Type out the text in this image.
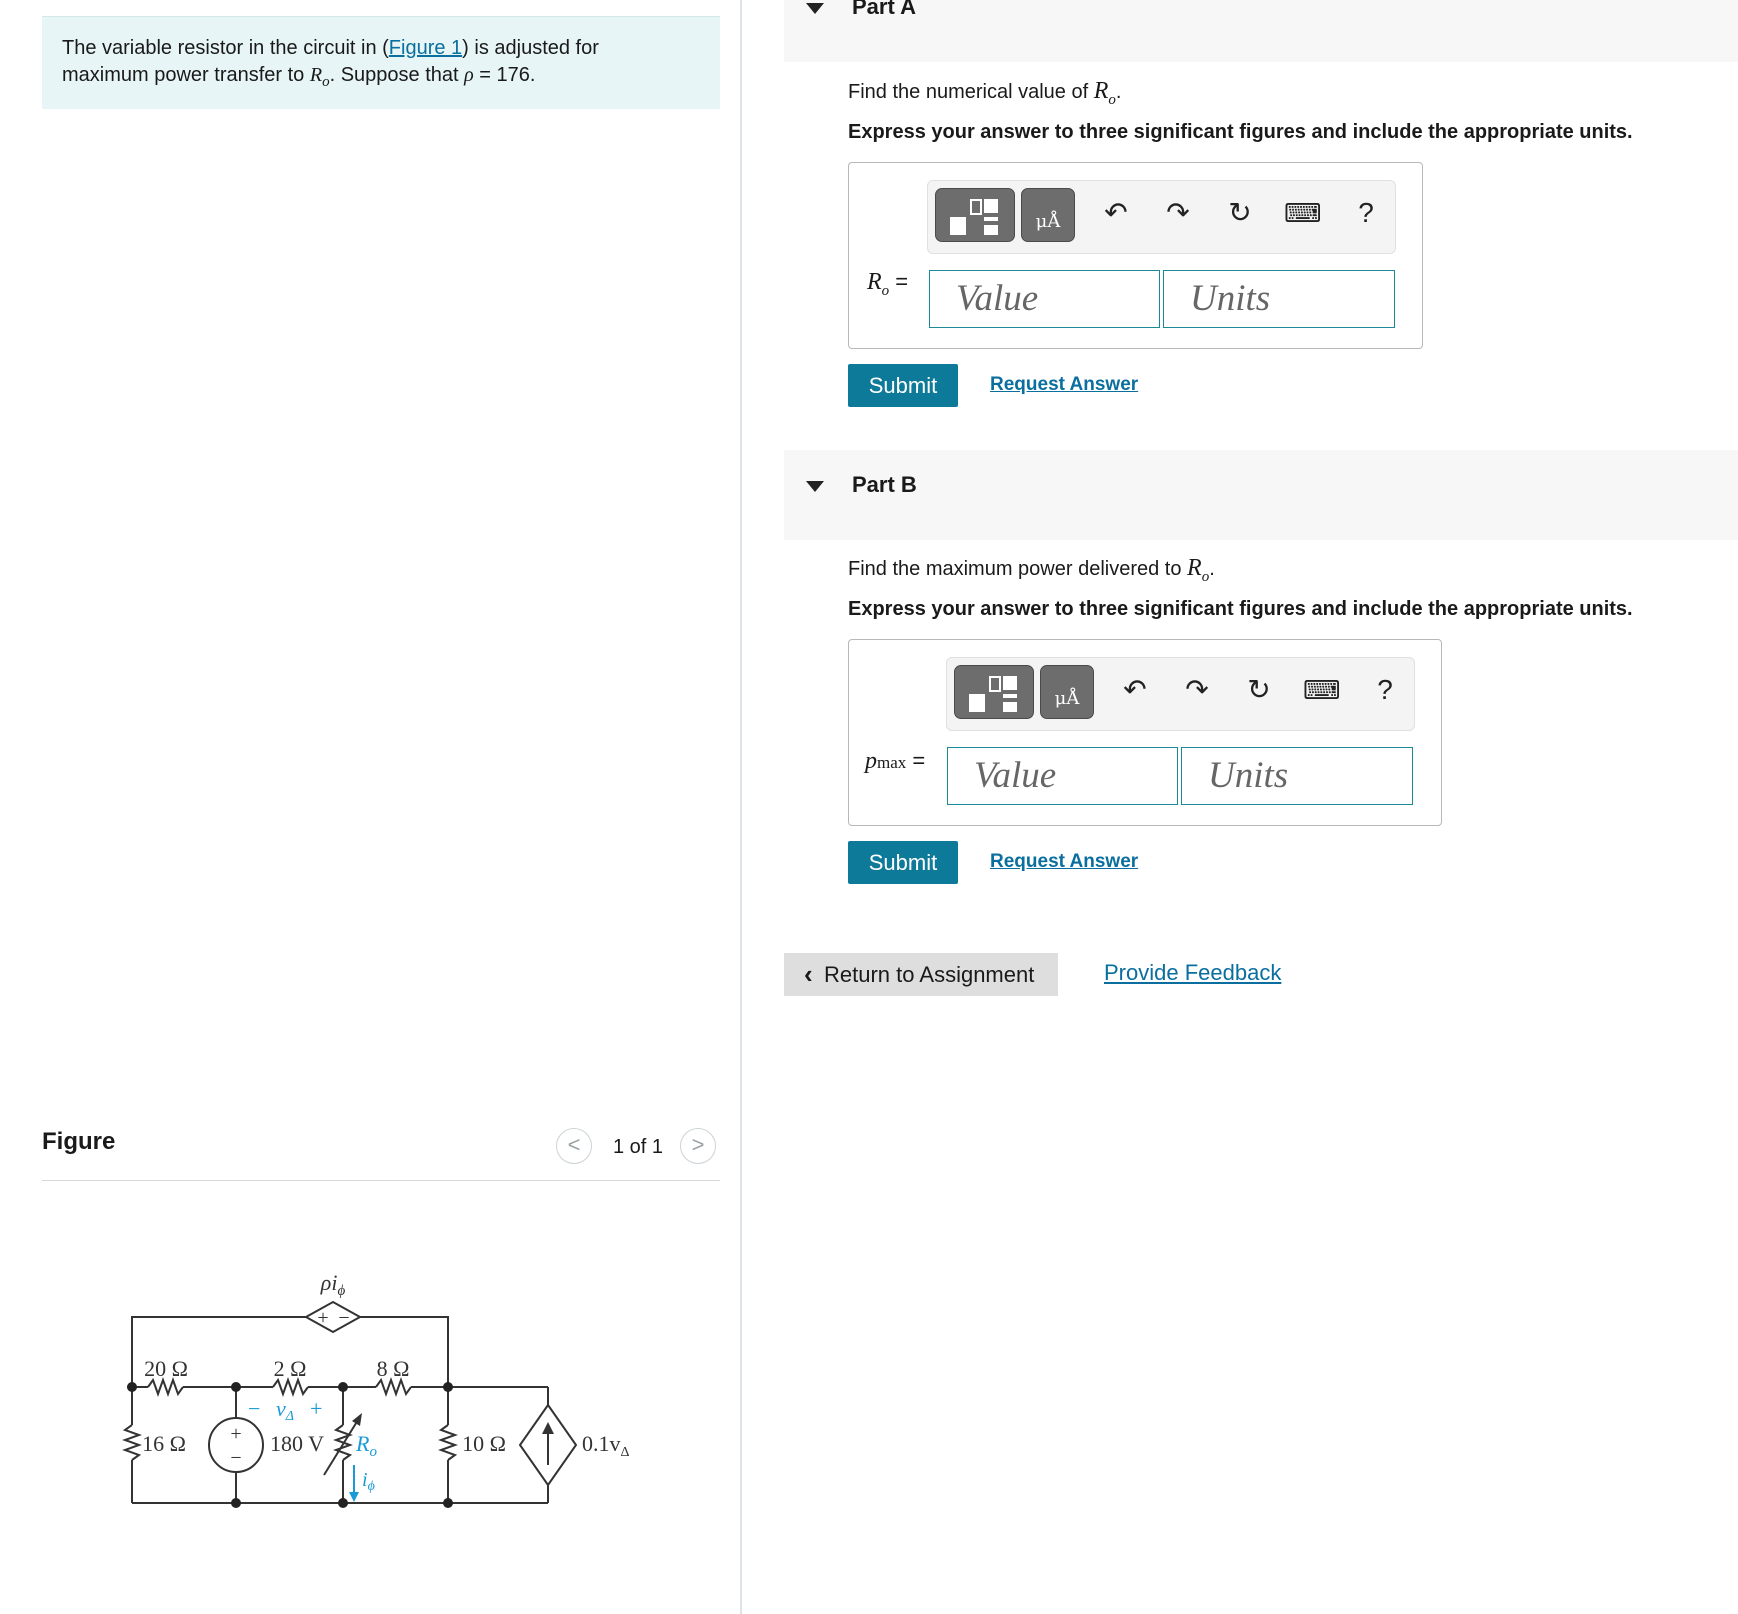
The variable resistor in the circuit in (Figure 1) is adjusted for
maximum power transfer to $R_o$. Suppose that ρ = 176.
Figure	<	1 of 1	>
$\rho i_\phi$
+ −
20 Ω	2 Ω	8 Ω
− vΔ +
16 Ω +
−
180 V $R_o$
$i_\phi$
10 Ω	$0.1v_\Delta$
Part A
Find the numerical value of $R_o$.
Express your answer to three significant figures and include the appropriate units.
μÅ	↶ ↷ ↻ ⌨	?
$R_o$ =	Value	Units
Submit	Request Answer
Part B
Find the maximum power delivered to $R_o$.
Express your answer to three significant figures and include the appropriate units.
μÅ	↶ ↷ ↻ ⌨	?
pmax =	Value	Units
Submit	Request Answer
‹ Return to Assignment	Provide Feedback
